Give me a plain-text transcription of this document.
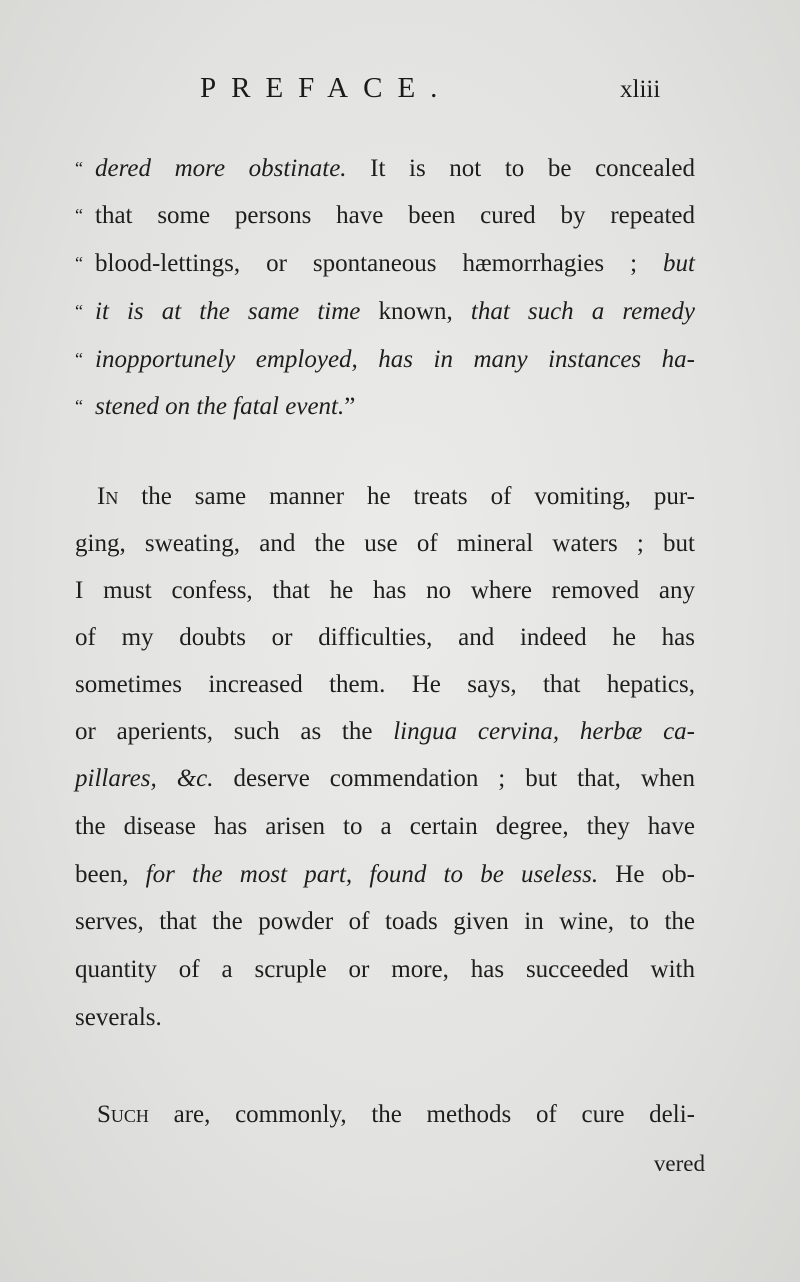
PREFACE.	xliii
“dered more obstinate. It is not to be concealed
“that some persons have been cured by repeated
“blood-lettings, or spontaneous hæmorrhagies ; but
“it is at the same time known, that such a remedy
“inopportunely employed, has in many instances ha-
“stened on the fatal event.”
In the same manner he treats of vomiting, pur-
ging, sweating, and the use of mineral waters ; but
I must confess, that he has no where removed any
of my doubts or difficulties, and indeed he has
sometimes increased them. He says, that hepatics,
or aperients, such as the lingua cervina, herbæ ca-
pillares, &c. deserve commendation ; but that, when
the disease has arisen to a certain degree, they have
been, for the most part, found to be useless. He ob-
serves, that the powder of toads given in wine, to the
quantity of a scruple or more, has succeeded with
severals.
Such are, commonly, the methods of cure deli-
vered
